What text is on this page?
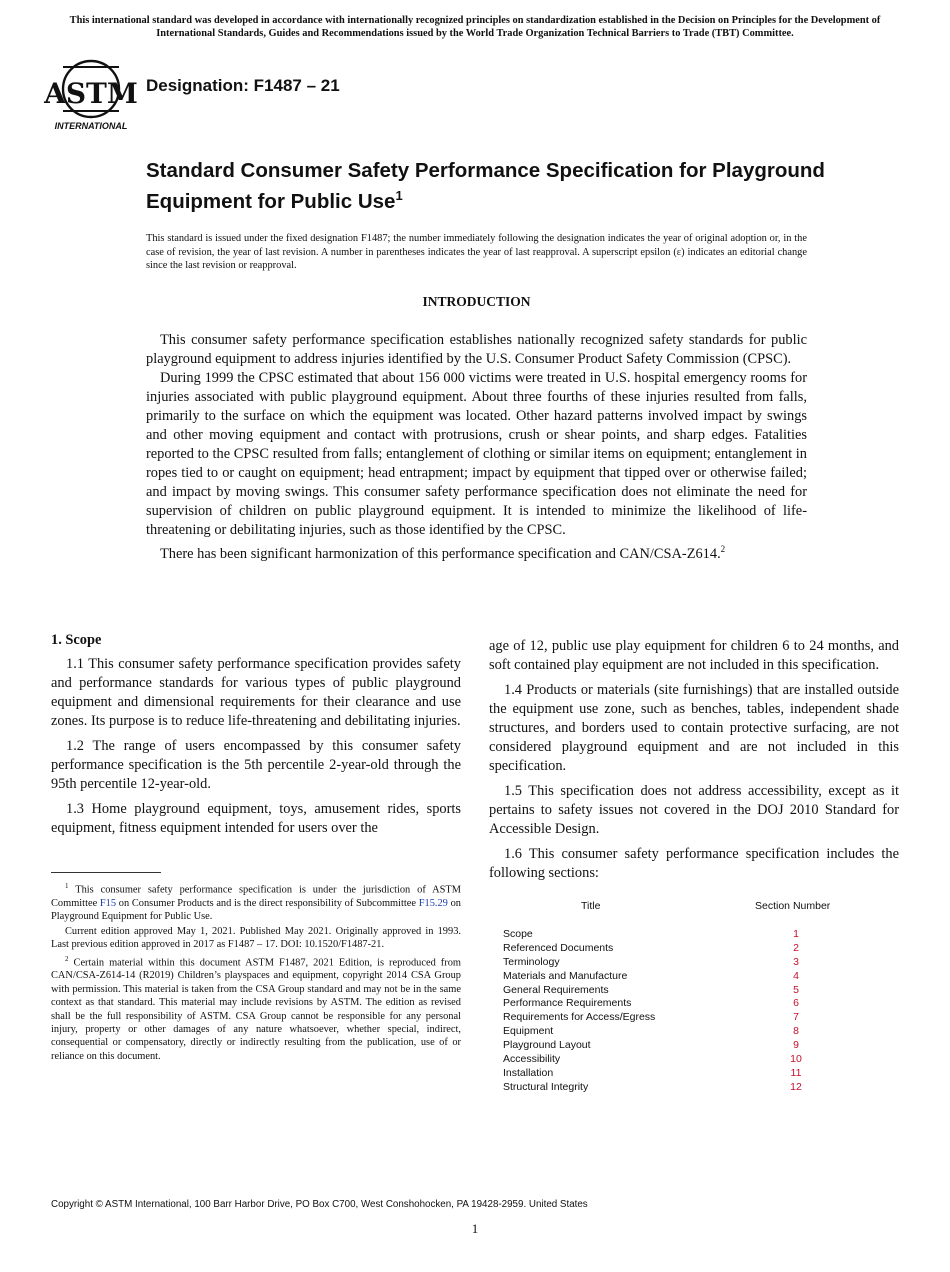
This international standard was developed in accordance with internationally recognized principles on standardization established in the Decision on Principles for the Development of International Standards, Guides and Recommendations issued by the World Trade Organization Technical Barriers to Trade (TBT) Committee.
ASTM
INTERNATIONAL
Designation: F1487 – 21
Standard Consumer Safety Performance Specification for Playground Equipment for Public Use$^1$
This standard is issued under the fixed designation F1487; the number immediately following the designation indicates the year of original adoption or, in the case of revision, the year of last revision. A number in parentheses indicates the year of last reapproval. A superscript epsilon (ε) indicates an editorial change since the last revision or reapproval.
INTRODUCTION

This consumer safety performance specification establishes nationally recognized safety standards for public playground equipment to address injuries identified by the U.S. Consumer Product Safety Commission (CPSC).

During 1999 the CPSC estimated that about 156 000 victims were treated in U.S. hospital emergency rooms for injuries associated with public playground equipment. About three fourths of these injuries resulted from falls, primarily to the surface on which the equipment was located. Other hazard patterns involved impact by swings and other moving equipment and contact with protrusions, crush or shear points, and sharp edges. Fatalities reported to the CPSC resulted from falls; entanglement of clothing or similar items on equipment; entanglement in ropes tied to or caught on equipment; head entrapment; impact by equipment that tipped over or otherwise failed; and impact by moving swings. This consumer safety performance specification does not eliminate the need for supervision of children on public playground equipment. It is intended to minimize the likelihood of life-threatening or debilitating injuries, such as those identified by the CPSC.

There has been significant harmonization of this performance specification and CAN/CSA-Z614.$^2$

1. Scope

1.1 This consumer safety performance specification provides safety and performance standards for various types of public playground equipment and dimensional requirements for their clearance and use zones. Its purpose is to reduce life-threatening and debilitating injuries.

1.2 The range of users encompassed by this consumer safety performance specification is the 5th percentile 2-year-old through the 95th percentile 12-year-old.

1.3 Home playground equipment, toys, amusement rides, sports equipment, fitness equipment intended for users over the

age of 12, public use play equipment for children 6 to 24 months, and soft contained play equipment are not included in this specification.

1.4 Products or materials (site furnishings) that are installed outside the equipment use zone, such as benches, tables, independent shade structures, and borders used to contain protective surfacing, are not considered playground equipment and are not included in this specification.

1.5 This specification does not address accessibility, except as it pertains to safety issues not covered in the DOJ 2010 Standard for Accessible Design.

1.6 This consumer safety performance specification includes the following sections:

$^1$ This consumer safety performance specification is under the jurisdiction of ASTM Committee F15 on Consumer Products and is the direct responsibility of Subcommittee F15.29 on Playground Equipment for Public Use.

Current edition approved May 1, 2021. Published May 2021. Originally approved in 1993. Last previous edition approved in 2017 as F1487 – 17. DOI: 10.1520/F1487-21.

$^2$ Certain material within this document ASTM F1487, 2021 Edition, is reproduced from CAN/CSA-Z614-14 (R2019) Children’s playspaces and equipment, copyright 2014 CSA Group with permission. This material is taken from the CSA Group standard and may not be in the same context as that standard. This material may include revisions by ASTM. The edition as revised shall be the full responsibility of ASTM. CSA Group cannot be responsible for any personal injury, property or other damages of any nature whatsoever, whether special, indirect, consequential or compensatory, directly or indirectly resulting from the publication, use of or reliance on this document.

Title	Section Number
Scope	1
Referenced Documents	2
Terminology	3
Materials and Manufacture	4
General Requirements	5
Performance Requirements	6
Requirements for Access/Egress	7
Equipment	8
Playground Layout	9
Accessibility	10
Installation	11
Structural Integrity	12
Copyright © ASTM International, 100 Barr Harbor Drive, PO Box C700, West Conshohocken, PA 19428-2959. United States
1
